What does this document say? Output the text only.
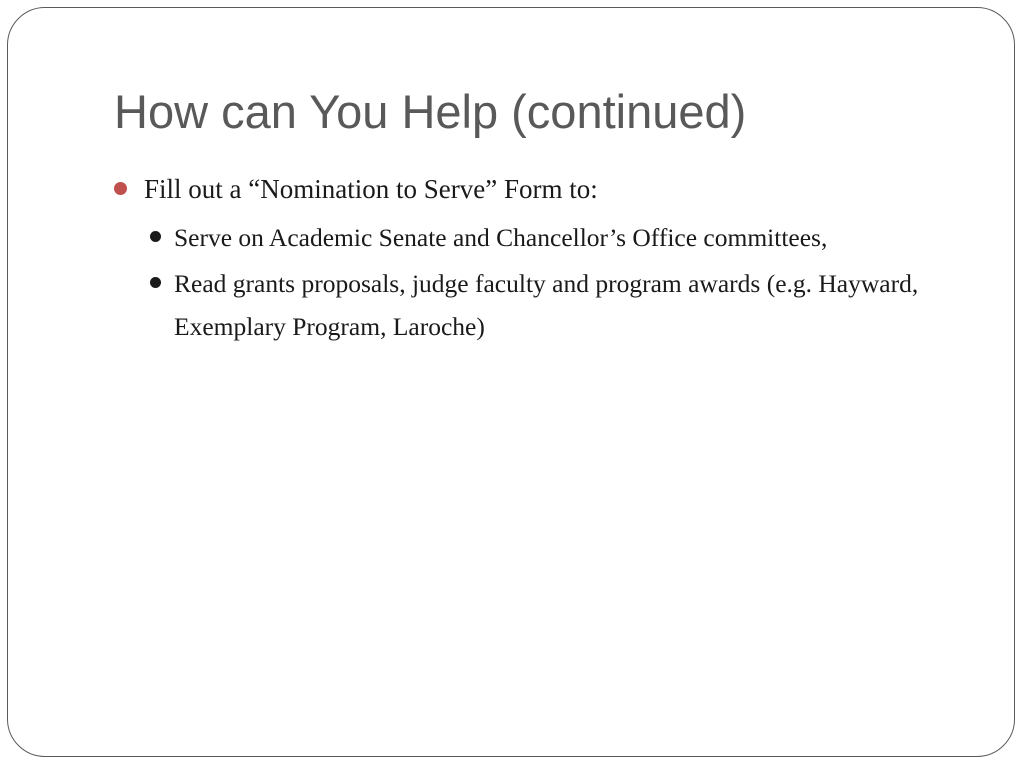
How can You Help (continued)
Fill out a “Nomination to Serve” Form to:
Serve on Academic Senate and Chancellor’s Office committees,
Read grants proposals, judge faculty and program awards (e.g. Hayward, Exemplary Program, Laroche)
